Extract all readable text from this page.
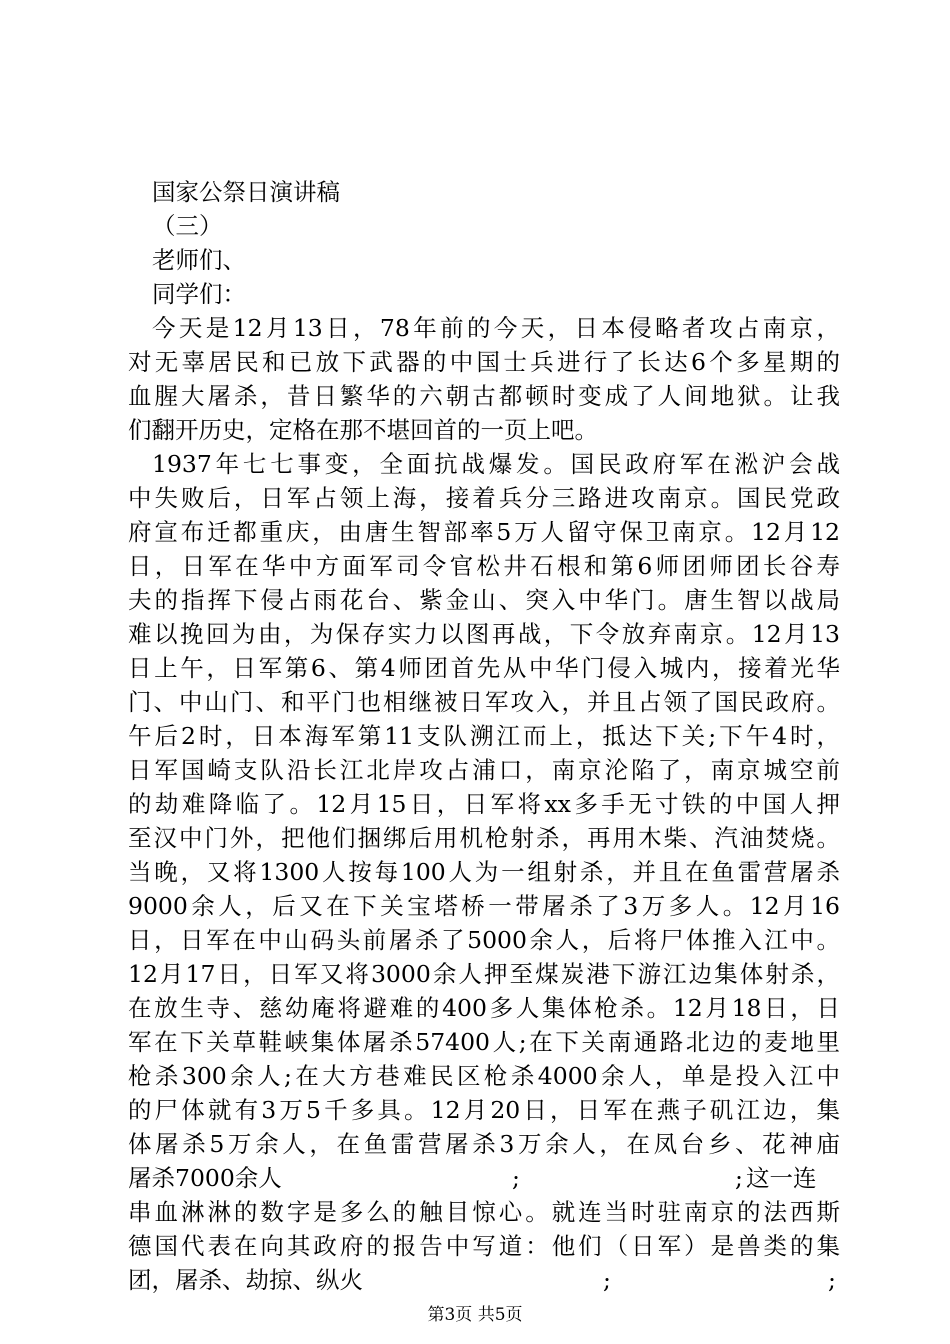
国家公祭日演讲稿

（三）

老师们、

同学们：

今天是12月13日，78年前的今天，日本侵略者攻占南京，

对无辜居民和已放下武器的中国士兵进行了长达6个多星期的

血腥大屠杀，昔日繁华的六朝古都顿时变成了人间地狱。让我

们翻开历史，定格在那不堪回首的一页上吧。

1937年七七事变，全面抗战爆发。国民政府军在淞沪会战

中失败后，日军占领上海，接着兵分三路进攻南京。国民党政

府宣布迁都重庆，由唐生智部率5万人留守保卫南京。12月12

日，日军在华中方面军司令官松井石根和第6师团师团长谷寿

夫的指挥下侵占雨花台、紫金山、突入中华门。唐生智以战局

难以挽回为由，为保存实力以图再战，下令放弃南京。12月13

日上午，日军第6、第4师团首先从中华门侵入城内，接着光华

门、中山门、和平门也相继被日军攻入，并且占领了国民政府。

午后2时，日本海军第11支队溯江而上，抵达下关;下午4时，

日军国崎支队沿长江北岸攻占浦口，南京沦陷了，南京城空前

的劫难降临了。12月15日，日军将xx多手无寸铁的中国人押

至汉中门外，把他们捆绑后用机枪射杀，再用木柴、汽油焚烧。

当晚，又将1300人按每100人为一组射杀，并且在鱼雷营屠杀

9000余人，后又在下关宝塔桥一带屠杀了3万多人。12月16

日，日军在中山码头前屠杀了5000余人，后将尸体推入江中。

12月17日，日军又将3000余人押至煤炭港下游江边集体射杀，

在放生寺、慈幼庵将避难的400多人集体枪杀。12月18日，日

军在下关草鞋峡集体屠杀57400人;在下关南通路北边的麦地里

枪杀300余人;在大方巷难民区枪杀4000余人，单是投入江中

的尸体就有3万5千多具。12月20日，日军在燕子矶江边，集

体屠杀5万余人，在鱼雷营屠杀3万余人，在凤台乡、花神庙

屠杀7000余人	;	; 这一连

串血淋淋的数字是多么的触目惊心。就连当时驻南京的法西斯

德国代表在向其政府的报告中写道：他们（日军）是兽类的集

团，屠杀、劫掠、纵火	;	;
第3页 共5页
